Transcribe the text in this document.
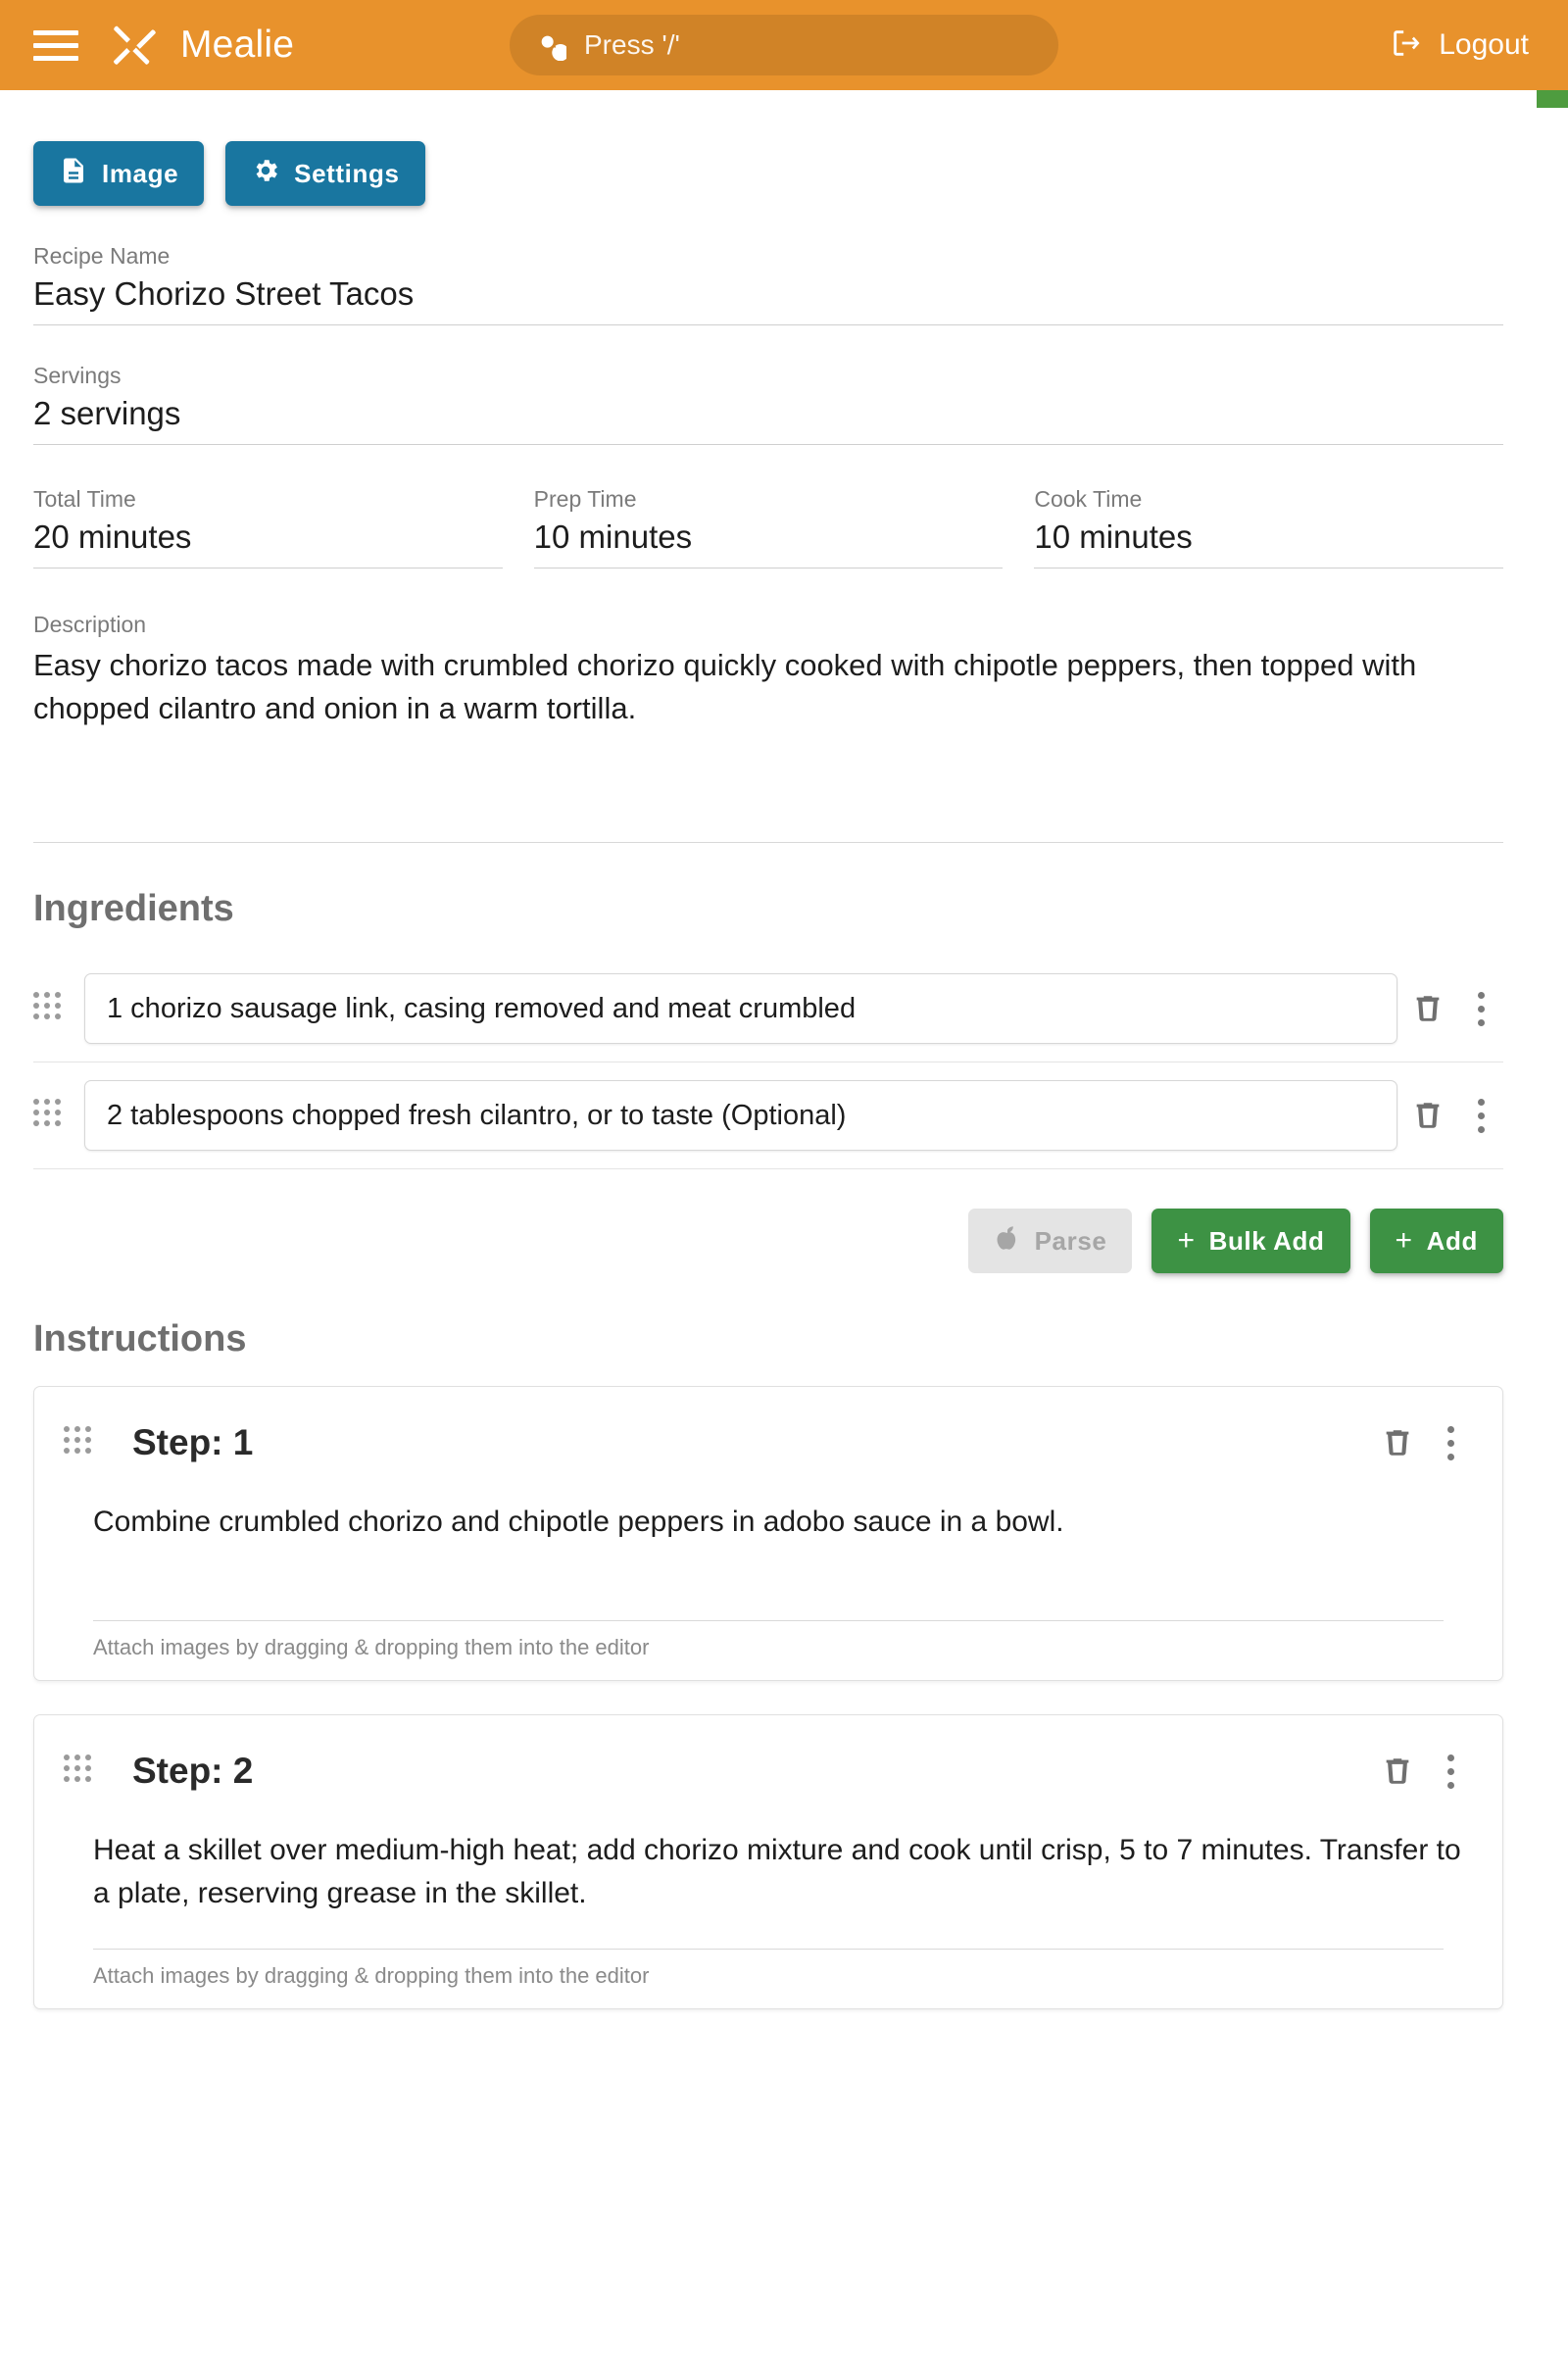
Mealie
Press '/'	Logout
Image	Settings
Recipe Name
Easy Chorizo Street Tacos
Servings
2 servings
Total Time
20 minutes
Prep Time
10 minutes
Cook Time
10 minutes
Description
Easy chorizo tacos made with crumbled chorizo quickly cooked with chipotle peppers, then topped with chopped cilantro and onion in a warm tortilla.
Ingredients
1 chorizo sausage link, casing removed and meat crumbled
2 tablespoons chopped fresh cilantro, or to taste (Optional)
Parse + Bulk Add + Add
Instructions
Step: 1
Combine crumbled chorizo and chipotle peppers in adobo sauce in a bowl.
Attach images by dragging & dropping them into the editor
Step: 2
Heat a skillet over medium-high heat; add chorizo mixture and cook until crisp, 5 to 7 minutes. Transfer to a plate, reserving grease in the skillet.
Attach images by dragging & dropping them into the editor
